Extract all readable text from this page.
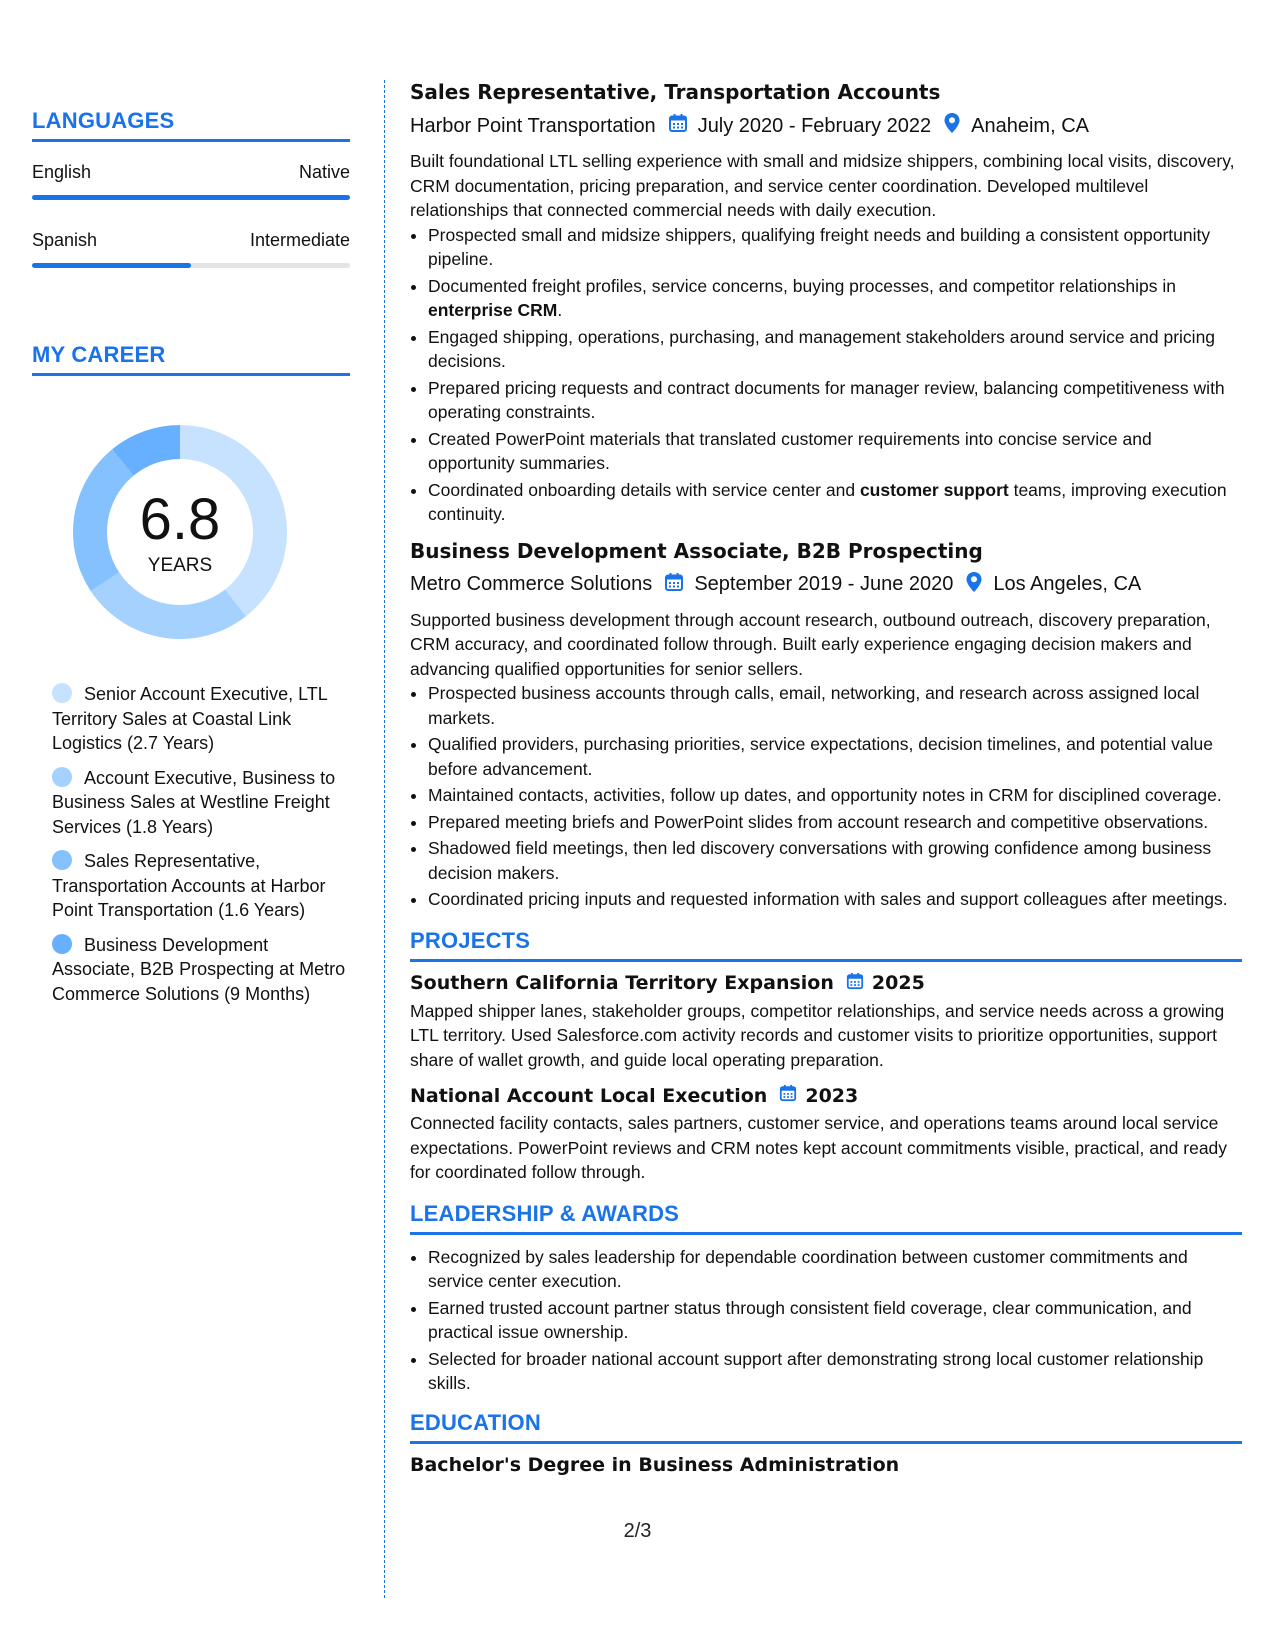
LANGUAGES
English	Native
Spanish	Intermediate
MY CAREER
6.8
YEARS
Senior Account Executive, LTL Territory Sales at Coastal Link Logistics (2.7 Years)
Account Executive, Business to Business Sales at Westline Freight Services (1.8 Years)
Sales Representative, Transportation Accounts at Harbor Point Transportation (1.6 Years)
Business Development Associate, B2B Prospecting at Metro Commerce Solutions (9 Months)
Sales Representative, Transportation Accounts
Harbor Point Transportation July 2020 - February 2022 Anaheim, CA
Built foundational LTL selling experience with small and midsize shippers, combining local visits, discovery, CRM documentation, pricing preparation, and service center coordination. Developed multilevel relationships that connected commercial needs with daily execution.
• Prospected small and midsize shippers, qualifying freight needs and building a consistent opportunity pipeline.
• Documented freight profiles, service concerns, buying processes, and competitor relationships in enterprise CRM.
• Engaged shipping, operations, purchasing, and management stakeholders around service and pricing decisions.
• Prepared pricing requests and contract documents for manager review, balancing competitiveness with operating constraints.
• Created PowerPoint materials that translated customer requirements into concise service and opportunity summaries.
• Coordinated onboarding details with service center and customer support teams, improving execution continuity.
Business Development Associate, B2B Prospecting
Metro Commerce Solutions September 2019 - June 2020 Los Angeles, CA
Supported business development through account research, outbound outreach, discovery preparation, CRM accuracy, and coordinated follow through. Built early experience engaging decision makers and advancing qualified opportunities for senior sellers.
• Prospected business accounts through calls, email, networking, and research across assigned local markets.
• Qualified providers, purchasing priorities, service expectations, decision timelines, and potential value before advancement.
• Maintained contacts, activities, follow up dates, and opportunity notes in CRM for disciplined coverage.
• Prepared meeting briefs and PowerPoint slides from account research and competitive observations.
• Shadowed field meetings, then led discovery conversations with growing confidence among business decision makers.
• Coordinated pricing inputs and requested information with sales and support colleagues after meetings.
PROJECTS
Southern California Territory Expansion 2025
Mapped shipper lanes, stakeholder groups, competitor relationships, and service needs across a growing LTL territory. Used Salesforce.com activity records and customer visits to prioritize opportunities, support share of wallet growth, and guide local operating preparation.
National Account Local Execution 2023
Connected facility contacts, sales partners, customer service, and operations teams around local service expectations. PowerPoint reviews and CRM notes kept account commitments visible, practical, and ready for coordinated follow through.
LEADERSHIP & AWARDS
• Recognized by sales leadership for dependable coordination between customer commitments and service center execution.
• Earned trusted account partner status through consistent field coverage, clear communication, and practical issue ownership.
• Selected for broader national account support after demonstrating strong local customer relationship skills.
EDUCATION
Bachelor's Degree in Business Administration
2/3
